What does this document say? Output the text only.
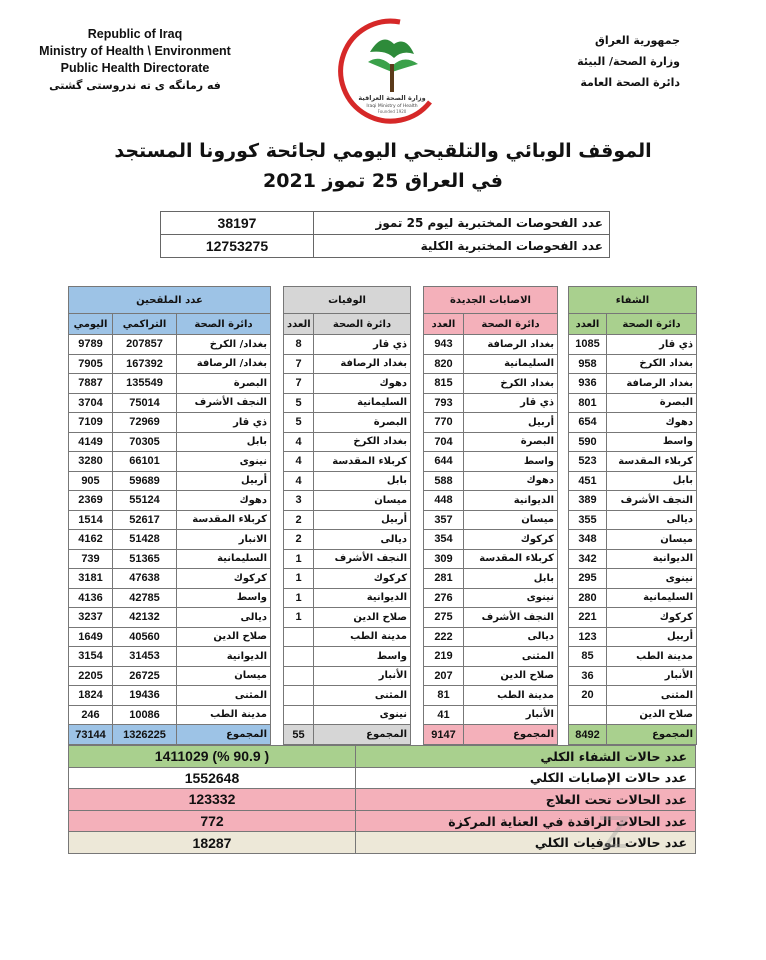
Republic of Iraq
Ministry of Health \ Environment
Public Health Directorate
فه رمانگه ی ته ندروستی گشتی
جمهورية العراق
وزارة الصحة/ البيئة
دائرة الصحة العامة
وزارة الصحة العراقية
Iraqi Ministry of Health
Founded 1920
الموقف الوبائي والتلقيحي اليومي لجائحة كورونا المستجد
في العراق 25 تموز 2021
38197	عدد الفحوصات المختبرية ليوم 25 تموز
12753275	عدد الفحوصات المختبرية الكلية
عدد الملقحين		
اليومي	التراكمي	دائرة الصحة
9789	207857	بغداد/ الكرخ
7905	167392	بغداد/ الرصافة
7887	135549	البصرة
3704	75014	النجف الأشرف
7109	72969	ذي قار
4149	70305	بابل
3280	66101	نينوى
905	59689	أربيل
2369	55124	دهوك
1514	52617	كربلاء المقدسة
4162	51428	الانبار
739	51365	السليمانية
3181	47638	كركوك
4136	42785	واسط
3237	42132	ديالى
1649	40560	صلاح الدين
3154	31453	الديوانية
2205	26725	ميسان
1824	19436	المثنى
246	10086	مدينة الطب
73144	1326225	المجموع
الوفيات	
العدد	دائرة الصحة
8	ذي قار
7	بغداد الرصافة
7	دهوك
5	السليمانية
5	البصرة
4	بغداد الكرخ
4	كربلاء المقدسة
4	بابل
3	ميسان
2	أربيل
2	ديالى
1	النجف الأشرف
1	كركوك
1	الديوانية
1	صلاح الدين
	مدينة الطب
	واسط
	الأنبار
	المثنى
	نينوى
55	المجموع
الاصابات الجديدة	
العدد	دائرة الصحة
943	بغداد الرصافة
820	السليمانية
815	بغداد الكرخ
793	ذي قار
770	أربيل
704	البصرة
644	واسط
588	دهوك
448	الديوانية
357	ميسان
354	كركوك
309	كربلاء المقدسة
281	بابل
276	نينوى
275	النجف الأشرف
222	ديالى
219	المثنى
207	صلاح الدين
81	مدينة الطب
41	الأنبار
9147	المجموع
الشفاء	
العدد	دائرة الصحة
1085	ذي قار
958	بغداد الكرخ
936	بغداد الرصافة
801	البصرة
654	دهوك
590	واسط
523	كربلاء المقدسة
451	بابل
389	النجف الأشرف
355	ديالى
348	ميسان
342	الديوانية
295	نينوى
280	السليمانية
221	كركوك
123	أربيل
85	مدينة الطب
36	الأنبار
20	المثنى
	صلاح الدين
8492	المجموع
1411029 (% 90.9 )	عدد حالات الشفاء الكلي
1552648	عدد حالات الإصابات الكلي
123332	عدد الحالات تحت العلاج
772	عدد الحالات الراقدة في العناية المركزة
18287	عدد حالات الوفيات الكلي
